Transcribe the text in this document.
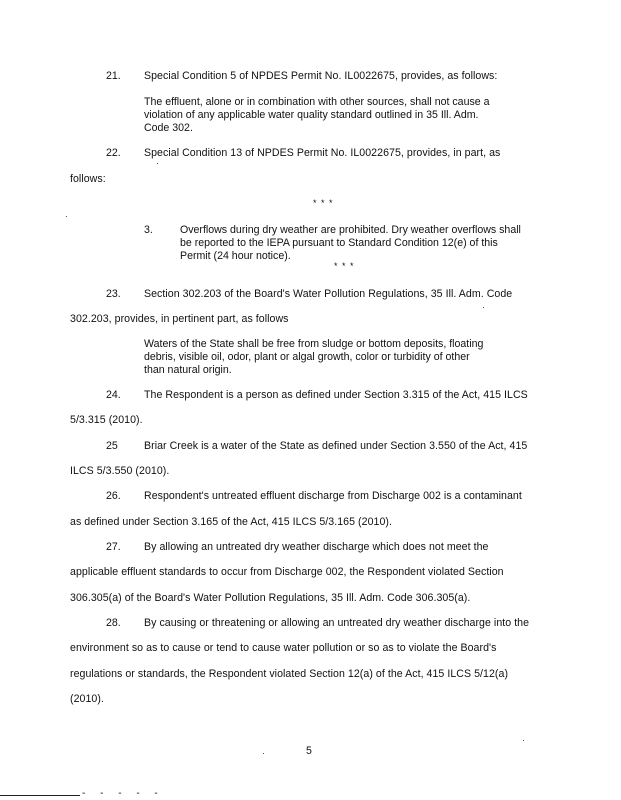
21. Special Condition 5 of NPDES Permit No. IL0022675, provides, as follows:
The effluent, alone or in combination with other sources, shall not cause a
violation of any applicable water quality standard outlined in 35 Ill. Adm.
Code 302.
22. Special Condition 13 of NPDES Permit No. IL0022675, provides, in part, as
follows:
* * *
3.	Overflows during dry weather are prohibited. Dry weather overflows shall
be reported to the IEPA pursuant to Standard Condition 12(e) of this
Permit (24 hour notice).
* * *
23. Section 302.203 of the Board's Water Pollution Regulations, 35 Ill. Adm. Code
302.203, provides, in pertinent part, as follows
Waters of the State shall be free from sludge or bottom deposits, floating
debris, visible oil, odor, plant or algal growth, color or turbidity of other
than natural origin.
24. The Respondent is a person as defined under Section 3.315 of the Act, 415 ILCS
5/3.315 (2010).
25 Briar Creek is a water of the State as defined under Section 3.550 of the Act, 415
ILCS 5/3.550 (2010).
26. Respondent's untreated effluent discharge from Discharge 002 is a contaminant
as defined under Section 3.165 of the Act, 415 ILCS 5/3.165 (2010).
27. By allowing an untreated dry weather discharge which does not meet the
applicable effluent standards to occur from Discharge 002, the Respondent violated Section
306.305(a) of the Board's Water Pollution Regulations, 35 Ill. Adm. Code 306.305(a).
28. By causing or threatening or allowing an untreated dry weather discharge into the
environment so as to cause or tend to cause water pollution or so as to violate the Board's
regulations or standards, the Respondent violated Section 12(a) of the Act, 415 ILCS 5/12(a)
(2010).
5
- - - - -
